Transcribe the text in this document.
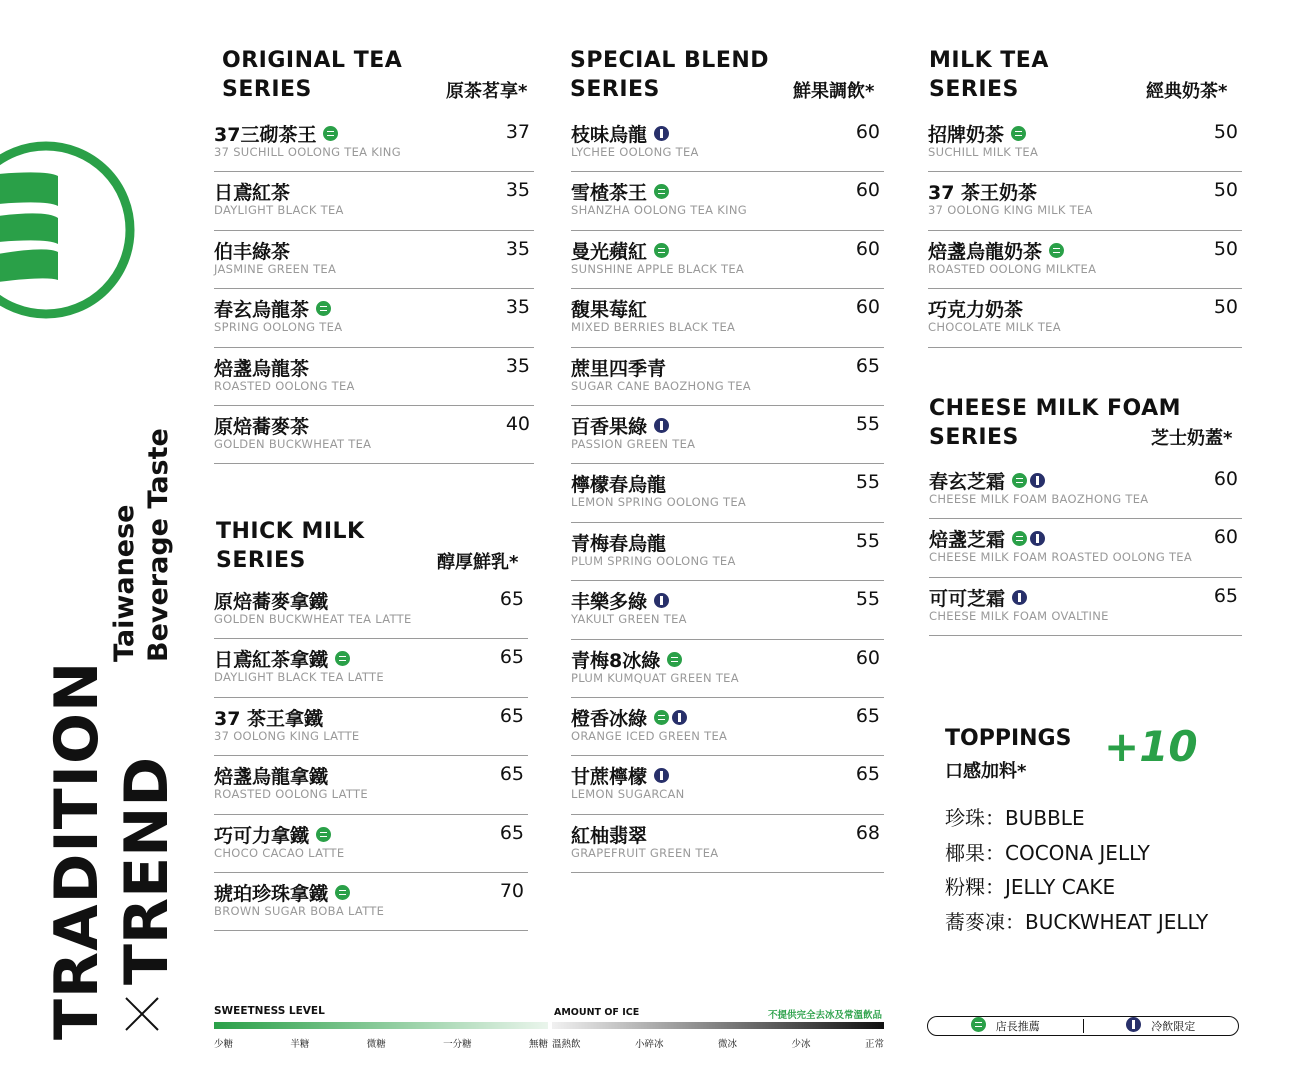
TRADITION TREND
Taiwanese Beverage Taste
ORIGINAL TEA
SERIES	原茶茗享*
37三砌茶王
37 SUCHILL OOLONG TEA KING
37
日鳶紅茶
DAYLIGHT BLACK TEA
35
伯丰綠茶
JASMINE GREEN TEA
35
春玄烏龍茶
SPRING OOLONG TEA
35
焙盞烏龍茶
ROASTED OOLONG TEA
35
原焙蕎麥茶
GOLDEN BUCKWHEAT TEA
40
THICK MILK
SERIES	醇厚鮮乳*
原焙蕎麥拿鐵
GOLDEN BUCKWHEAT TEA LATTE
65
日鳶紅茶拿鐵
DAYLIGHT BLACK TEA LATTE
65
37 茶王拿鐵
37 OOLONG KING LATTE
65
焙盞烏龍拿鐵
ROASTED OOLONG LATTE
65
巧可力拿鐵
CHOCO CACAO LATTE
65
琥珀珍珠拿鐵
BROWN SUGAR BOBA LATTE
70
SPECIAL BLEND
SERIES	鮮果調飲*
枝味烏龍
LYCHEE OOLONG TEA
60
雪楂茶王
SHANZHA OOLONG TEA KING
60
曼光蘋紅
SUNSHINE APPLE BLACK TEA
60
馥果莓紅
MIXED BERRIES BLACK TEA
60
蔗里四季青
SUGAR CANE BAOZHONG TEA
65
百香果綠
PASSION GREEN TEA
55
檸檬春烏龍
LEMON SPRING OOLONG TEA
55
青梅春烏龍
PLUM SPRING OOLONG TEA
55
丰樂多綠
YAKULT GREEN TEA
55
青梅8冰綠
PLUM KUMQUAT GREEN TEA
60
橙香冰綠
ORANGE ICED GREEN TEA
65
甘蔗檸檬
LEMON SUGARCAN
65
紅柚翡翠
GRAPEFRUIT GREEN TEA
68
MILK TEA
SERIES	經典奶茶*
招牌奶茶
SUCHILL MILK TEA
50
37 茶王奶茶
37 OOLONG KING MILK TEA
50
焙盞烏龍奶茶
ROASTED OOLONG MILKTEA
50
巧克力奶茶
CHOCOLATE MILK TEA
50
CHEESE MILK FOAM
SERIES	芝士奶蓋*
春玄芝霜
CHEESE MILK FOAM BAOZHONG TEA
60
焙盞芝霜
CHEESE MILK FOAM ROASTED OOLONG TEA
60
可可芝霜
CHEESE MILK FOAM OVALTINE
65
TOPPINGS
口感加料*
+10
珍珠：BUBBLE
椰果：COCONA JELLY
粉粿：JELLY CAKE
蕎麥凍：BUCKWHEAT JELLY
SWEETNESS LEVEL
少糖	半糖	微糖	一分糖	無糖
AMOUNT OF ICE	不提供完全去冰及常溫飲品
溫熱飲	小碎冰	微冰	少冰	正常
店長推薦	冷飲限定
